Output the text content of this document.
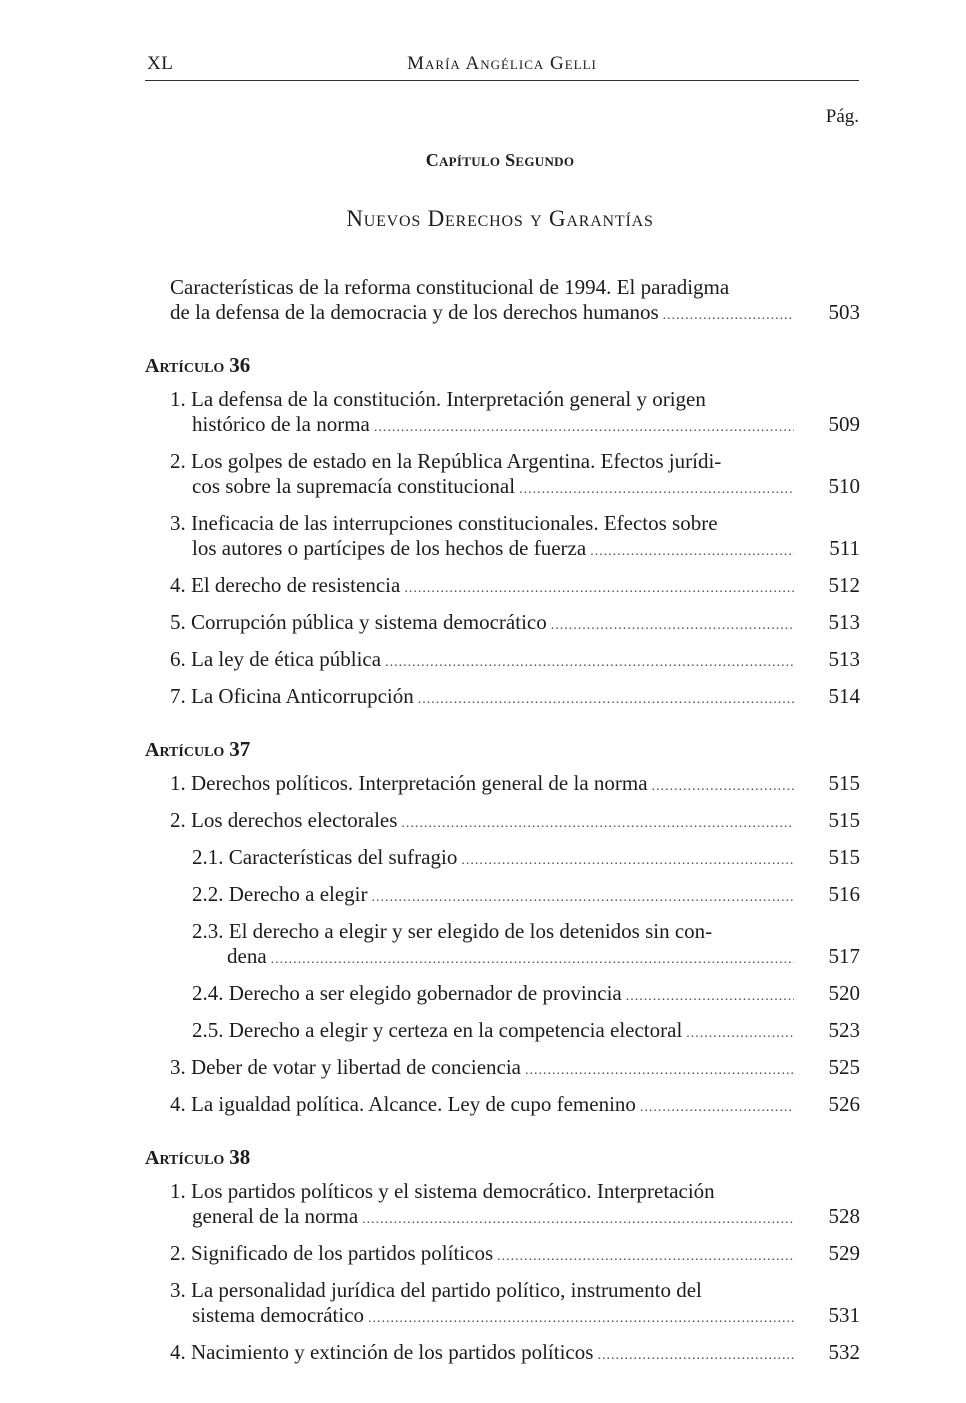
XL	María Angélica Gelli
Pág.
Capítulo Segundo
Nuevos Derechos y Garantías
Características de la reforma constitucional de 1994. El paradigma
de la defensa de la democracia y de los derechos humanos .....	503
Artículo 36
1. La defensa de la constitución. Interpretación general y origen
histórico de la norma .....	509
2. Los golpes de estado en la República Argentina. Efectos jurídi-
cos sobre la supremacía constitucional .....	510
3. Ineficacia de las interrupciones constitucionales. Efectos sobre
los autores o partícipes de los hechos de fuerza .....	511
4. El derecho de resistencia .....	512
5. Corrupción pública y sistema democrático .....	513
6. La ley de ética pública .....	513
7. La Oficina Anticorrupción .....	514
Artículo 37
1. Derechos políticos. Interpretación general de la norma .....	515
2. Los derechos electorales .....	515
2.1. Características del sufragio .....	515
2.2. Derecho a elegir .....	516
2.3. El derecho a elegir y ser elegido de los detenidos sin con-
dena .....	517
2.4. Derecho a ser elegido gobernador de provincia .....	520
2.5. Derecho a elegir y certeza en la competencia electoral .....	523
3. Deber de votar y libertad de conciencia .....	525
4. La igualdad política. Alcance. Ley de cupo femenino .....	526
Artículo 38
1. Los partidos políticos y el sistema democrático. Interpretación
general de la norma .....	528
2. Significado de los partidos políticos .....	529
3. La personalidad jurídica del partido político, instrumento del
sistema democrático .....	531
4. Nacimiento y extinción de los partidos políticos .....	532
